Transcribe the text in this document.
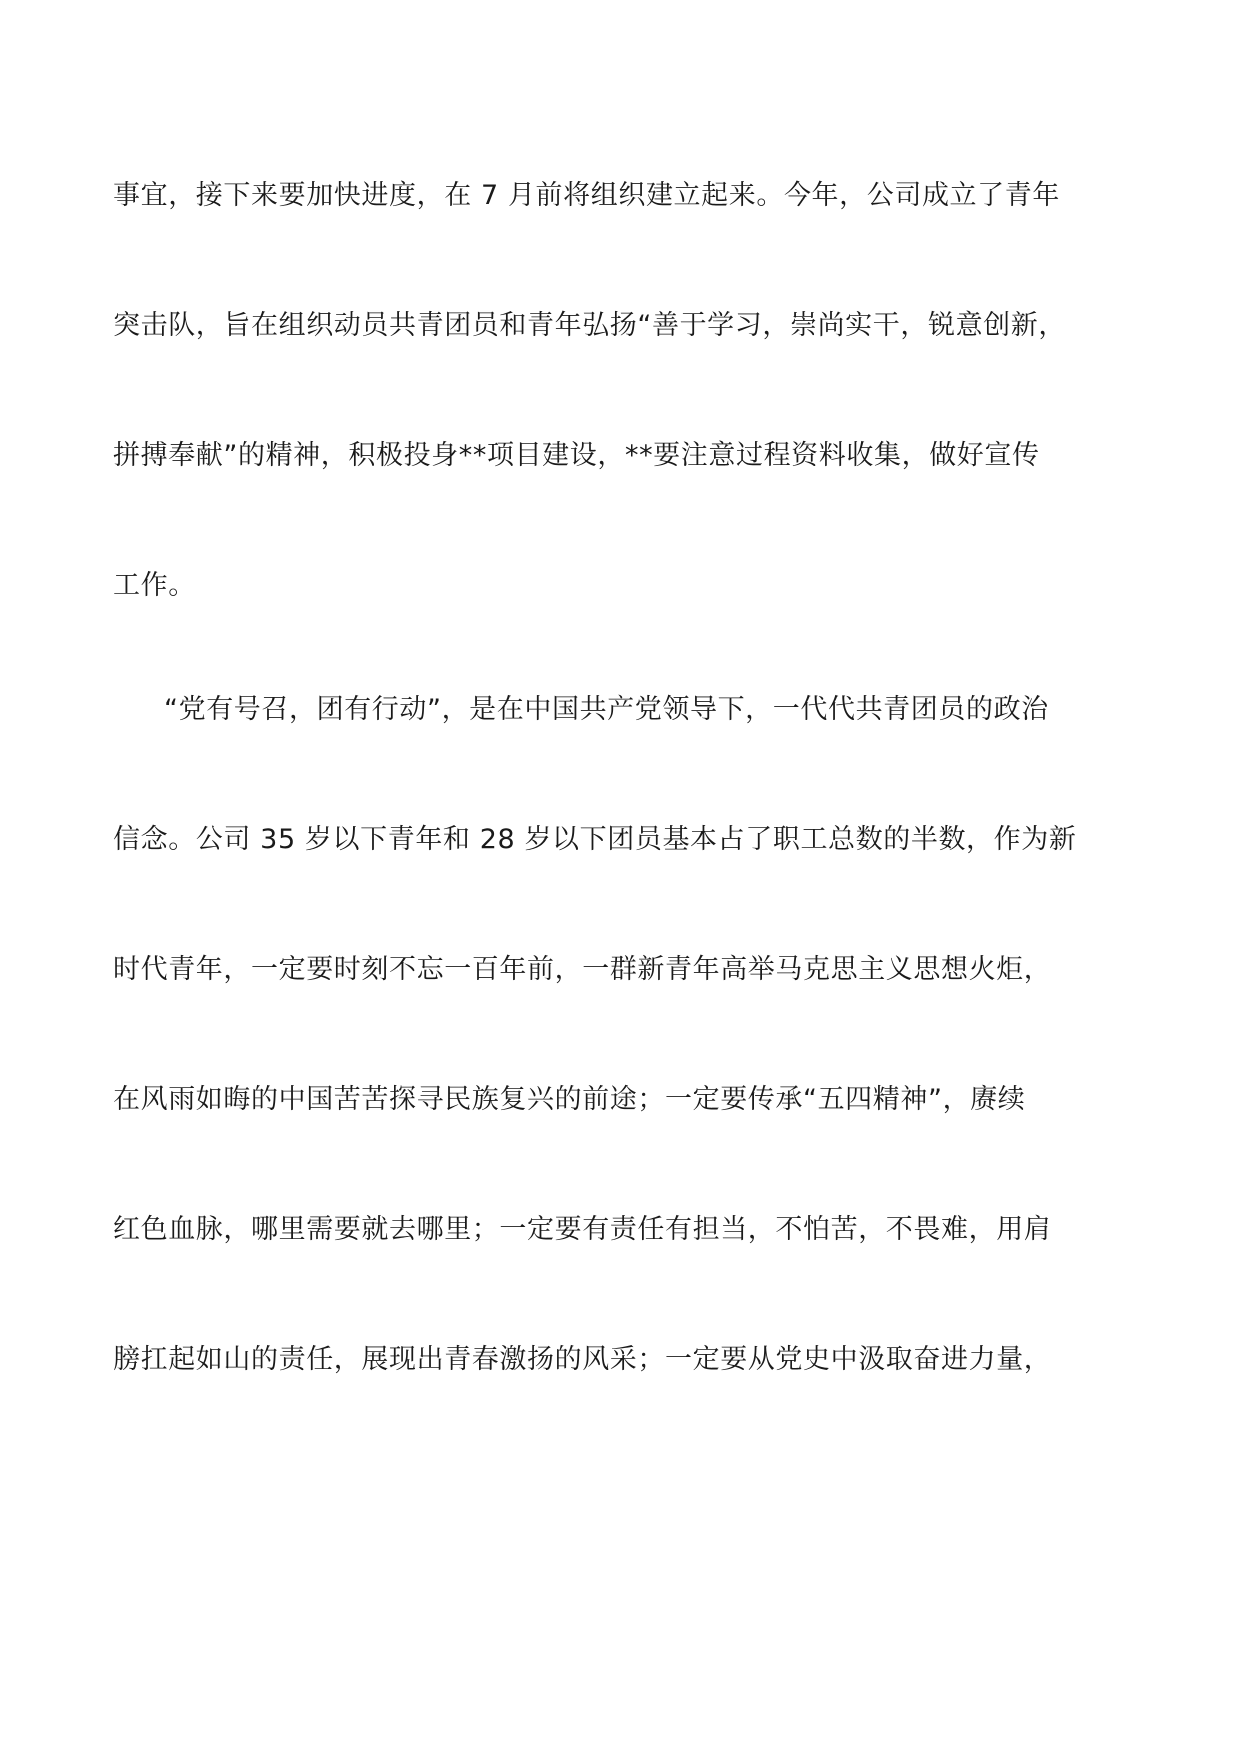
事宜，接下来要加快进度，在 7 月前将组织建立起来。今年，公司成立了青年
突击队，旨在组织动员共青团员和青年弘扬“善于学习，崇尚实干，锐意创新，
拼搏奉献”的精神，积极投身**项目建设，**要注意过程资料收集，做好宣传
工作。
“党有号召，团有行动”，是在中国共产党领导下，一代代共青团员的政治
信念。公司 35 岁以下青年和 28 岁以下团员基本占了职工总数的半数，作为新
时代青年，一定要时刻不忘一百年前，一群新青年高举马克思主义思想火炬，
在风雨如晦的中国苦苦探寻民族复兴的前途；一定要传承“五四精神”，赓续
红色血脉，哪里需要就去哪里；一定要有责任有担当，不怕苦，不畏难，用肩
膀扛起如山的责任，展现出青春激扬的风采；一定要从党史中汲取奋进力量，
